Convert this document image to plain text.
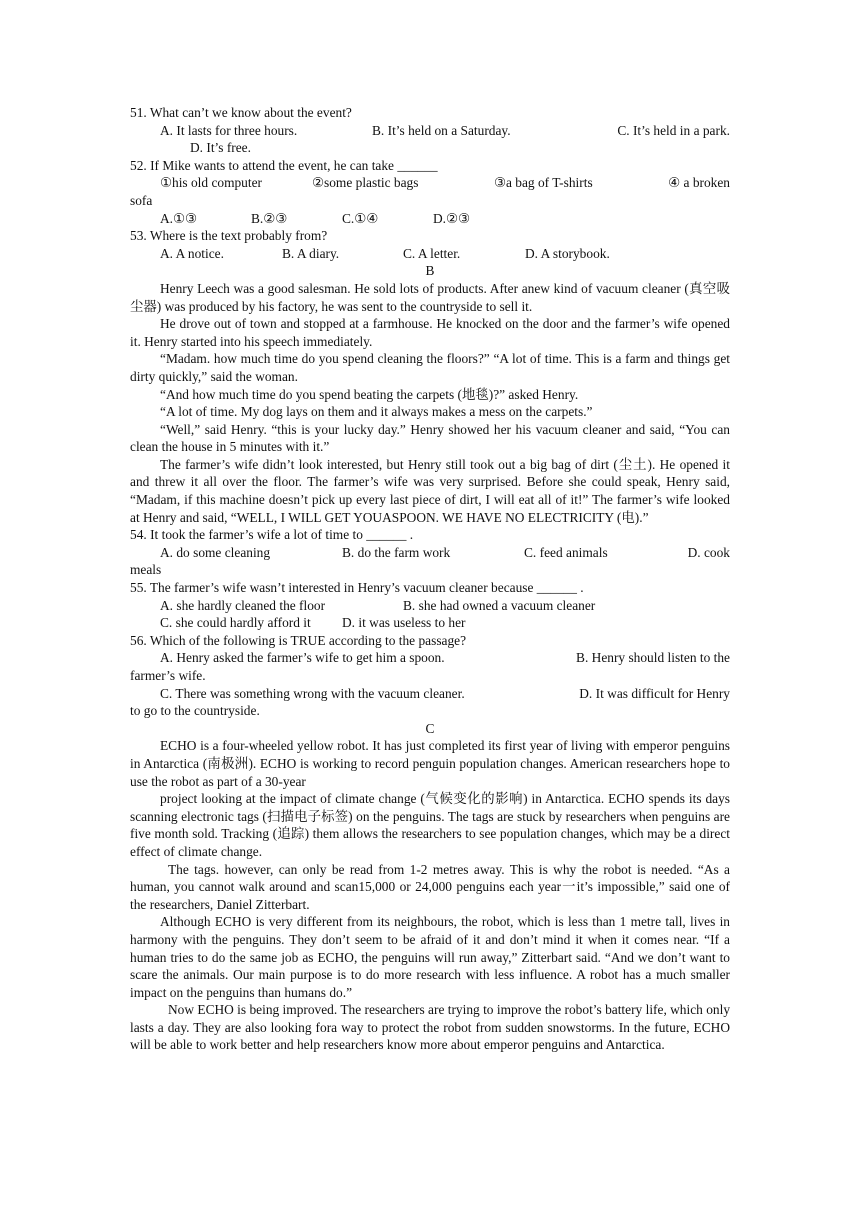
51. What can’t we know about the event?
A. It lasts for three hours.	B. It’s held on a Saturday.	C. It’s held in a park.
D. It’s free.
52. If Mike wants to attend the event, he can take ______
①his old computer	②some plastic bags	③a bag of T-shirts	④ a broken
sofa
A.①③	B.②③	C.①④	D.②③
53. Where is the text probably from?
A. A notice.	B. A diary.	C. A letter.	D. A storybook.
B

Henry Leech was a good salesman. He sold lots of products. After anew kind of vacuum cleaner (真空吸尘器) was produced by his factory, he was sent to the countryside to sell it.

He drove out of town and stopped at a farmhouse. He knocked on the door and the farmer’s wife opened it. Henry started into his speech immediately.

“Madam. how much time do you spend cleaning the floors?” “A lot of time. This is a farm and things get dirty quickly,” said the woman.

“And how much time do you spend beating the carpets (地毯)?” asked Henry.

“A lot of time. My dog lays on them and it always makes a mess on the carpets.”

“Well,” said Henry. “this is your lucky day.” Henry showed her his vacuum cleaner and said, “You can clean the house in 5 minutes with it.”

The farmer’s wife didn’t look interested, but Henry still took out a big bag of dirt (尘土). He opened it and threw it all over the floor. The farmer’s wife was very surprised. Before she could speak, Henry said, “Madam, if this machine doesn’t pick up every last piece of dirt, I will eat all of it!” The farmer’s wife looked at Henry and said, “WELL, I WILL GET YOUASPOON. WE HAVE NO ELECTRICITY (电).”

54. It took the farmer’s wife a lot of time to ______ .
A. do some cleaning	B. do the farm work	C. feed animals	D. cook
meals
55. The farmer’s wife wasn’t interested in Henry’s vacuum cleaner because ______ .
A. she hardly cleaned the floor	B. she had owned a vacuum cleaner
C. she could hardly afford it	D. it was useless to her
56. Which of the following is TRUE according to the passage?
A. Henry asked the farmer’s wife to get him a spoon.	B. Henry should listen to the
farmer’s wife.
C. There was something wrong with the vacuum cleaner.	D. It was difficult for Henry
to go to the countryside.
C

ECHO is a four-wheeled yellow robot. It has just completed its first year of living with emperor penguins in Antarctica (南极洲). ECHO is working to record penguin population changes. American researchers hope to use the robot as part of a 30-year

project looking at the impact of climate change (气候变化的影响) in Antarctica. ECHO spends its days scanning electronic tags (扫描电子标签) on the penguins. The tags are stuck by researchers when penguins are five month sold. Tracking (追踪) them allows the researchers to see population changes, which may be a direct effect of climate change.

The tags. however, can only be read from 1-2 metres away. This is why the robot is needed. “As a human, you cannot walk around and scan15,000 or 24,000 penguins each year一it’s impossible,” said one of the researchers, Daniel Zitterbart.

Although ECHO is very different from its neighbours, the robot, which is less than 1 metre tall, lives in harmony with the penguins. They don’t seem to be afraid of it and don’t mind it when it comes near. “If a human tries to do the same job as ECHO, the penguins will run away,” Zitterbart said. “And we don’t want to scare the animals. Our main purpose is to do more research with less influence. A robot has a much smaller impact on the penguins than humans do.”

Now ECHO is being improved. The researchers are trying to improve the robot’s battery life, which only lasts a day. They are also looking fora way to protect the robot from sudden snowstorms. In the future, ECHO will be able to work better and help researchers know more about emperor penguins and Antarctica.
